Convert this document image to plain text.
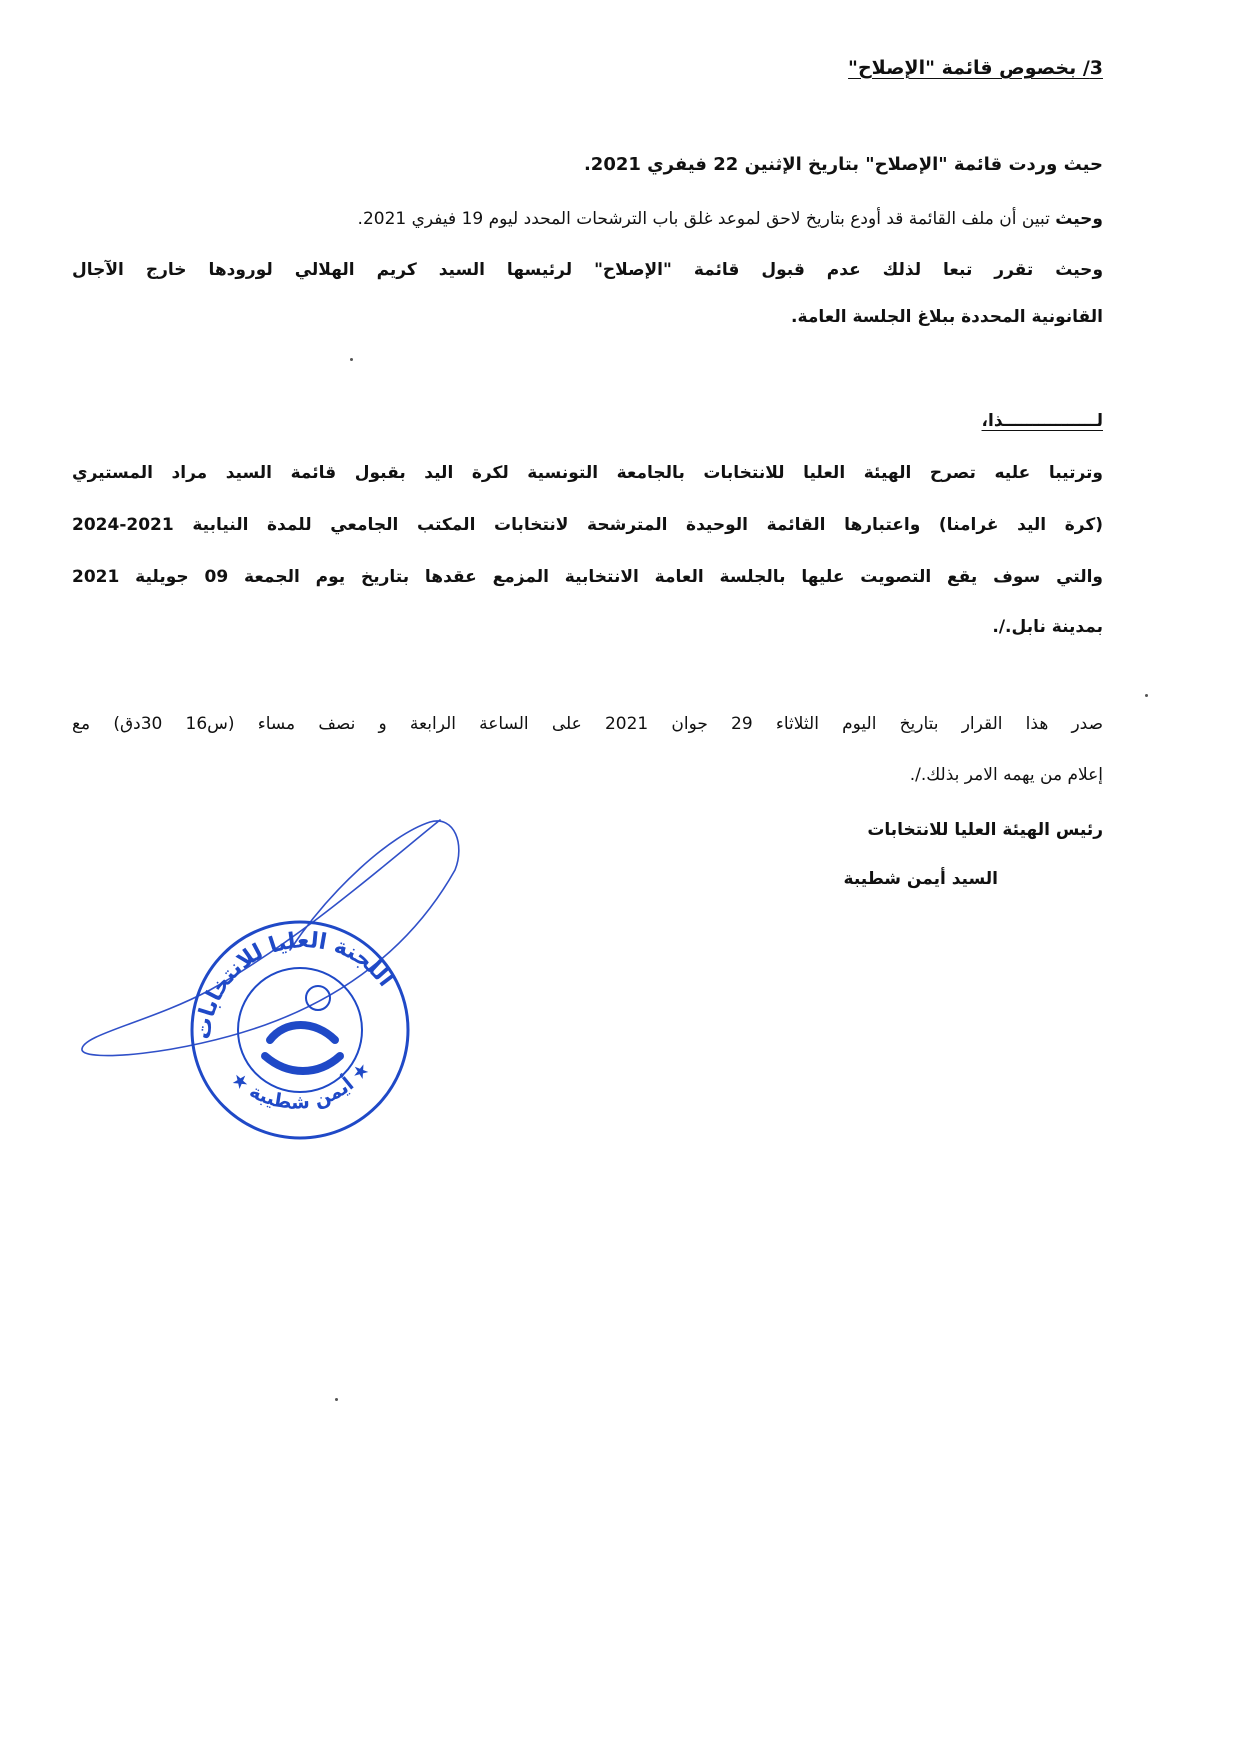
3/ بخصوص قائمة "الإصلاح"
حيث وردت قائمة "الإصلاح" بتاريخ الإثنين 22 فيفري 2021.
وحيث تبين أن ملف القائمة قد أودع بتاريخ لاحق لموعد غلق باب الترشحات المحدد ليوم 19 فيفري 2021.
وحيث تقرر تبعا لذلك عدم قبول قائمة "الإصلاح" لرئيسها السيد كريم الهلالي لورودها خارج الآجال
القانونية المحددة ببلاغ الجلسة العامة.
لــــــــــــــــذا،
وترتيبا عليه تصرح الهيئة العليا للانتخابات بالجامعة التونسية لكرة اليد بقبول قائمة السيد مراد المستيري
(كرة اليد غرامنا) واعتبارها القائمة الوحيدة المترشحة لانتخابات المكتب الجامعي للمدة النيابية 2021-2024
والتي سوف يقع التصويت عليها بالجلسة العامة الانتخابية المزمع عقدها بتاريخ يوم الجمعة 09 جويلية 2021
بمدينة نابل./.
صدر هذا القرار بتاريخ اليوم الثلاثاء 29 جوان 2021 على الساعة الرابعة و نصف مساء (س16 30دق) مع
إعلام من يهمه الامر بذلك./.
رئيس الهيئة العليا للانتخابات
السيد أيمن شطيبة
اللجنة العليا للانتخابات
★ أيمن شطيبة ★
